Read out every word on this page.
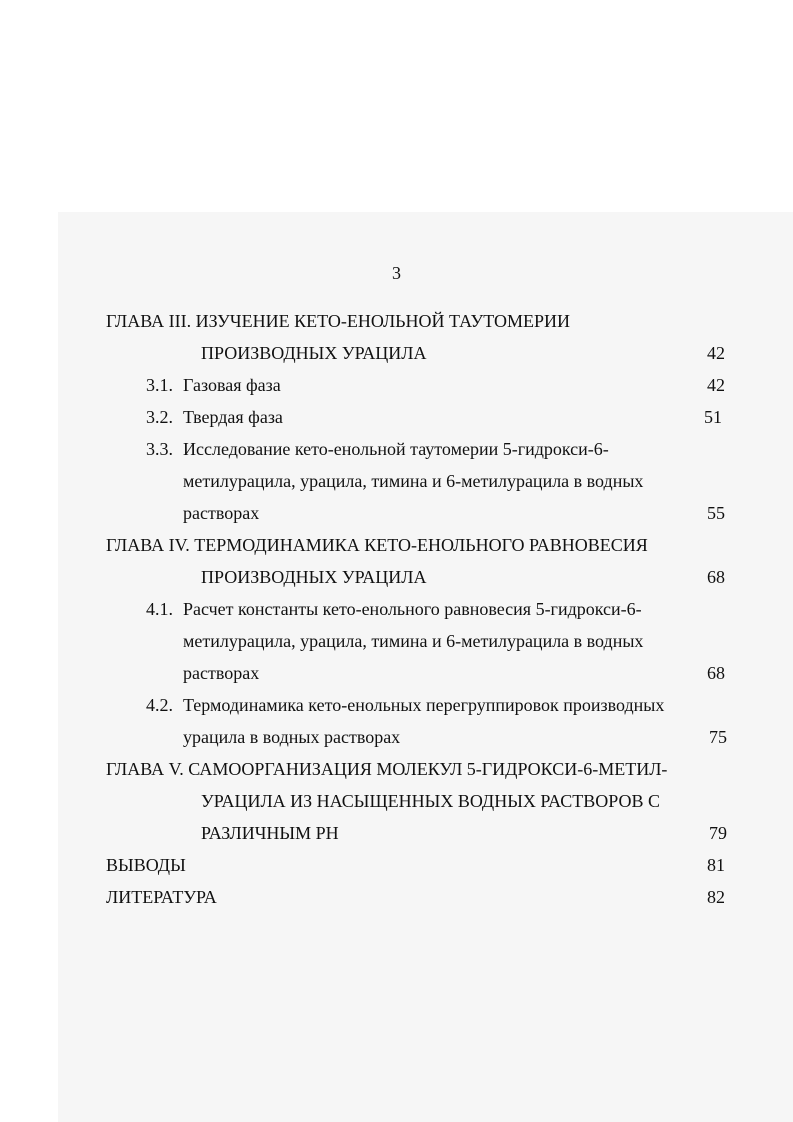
3
ГЛАВА III. ИЗУЧЕНИЕ КЕТО-ЕНОЛЬНОЙ ТАУТОМЕРИИ
ПРОИЗВОДНЫХ УРАЦИЛА	42
3.1. Газовая фаза	42
3.2. Твердая фаза	51
3.3. Исследование кето-енольной таутомерии 5-гидрокси-6-
метилурацила, урацила, тимина и 6-метилурацила в водных
растворах	55
ГЛАВА IV. ТЕРМОДИНАМИКА КЕТО-ЕНОЛЬНОГО РАВНОВЕСИЯ
ПРОИЗВОДНЫХ УРАЦИЛА	68
4.1. Расчет константы кето-енольного равновесия 5-гидрокси-6-
метилурацила, урацила, тимина и 6-метилурацила в водных
растворах	68
4.2. Термодинамика кето-енольных перегруппировок производных
урацила в водных растворах	75
ГЛАВА V. САМООРГАНИЗАЦИЯ МОЛЕКУЛ 5-ГИДРОКСИ-6-МЕТИЛ-
УРАЦИЛА ИЗ НАСЫЩЕННЫХ ВОДНЫХ РАСТВОРОВ С
РАЗЛИЧНЫМ РН	79
ВЫВОДЫ	81
ЛИТЕРАТУРА	82
